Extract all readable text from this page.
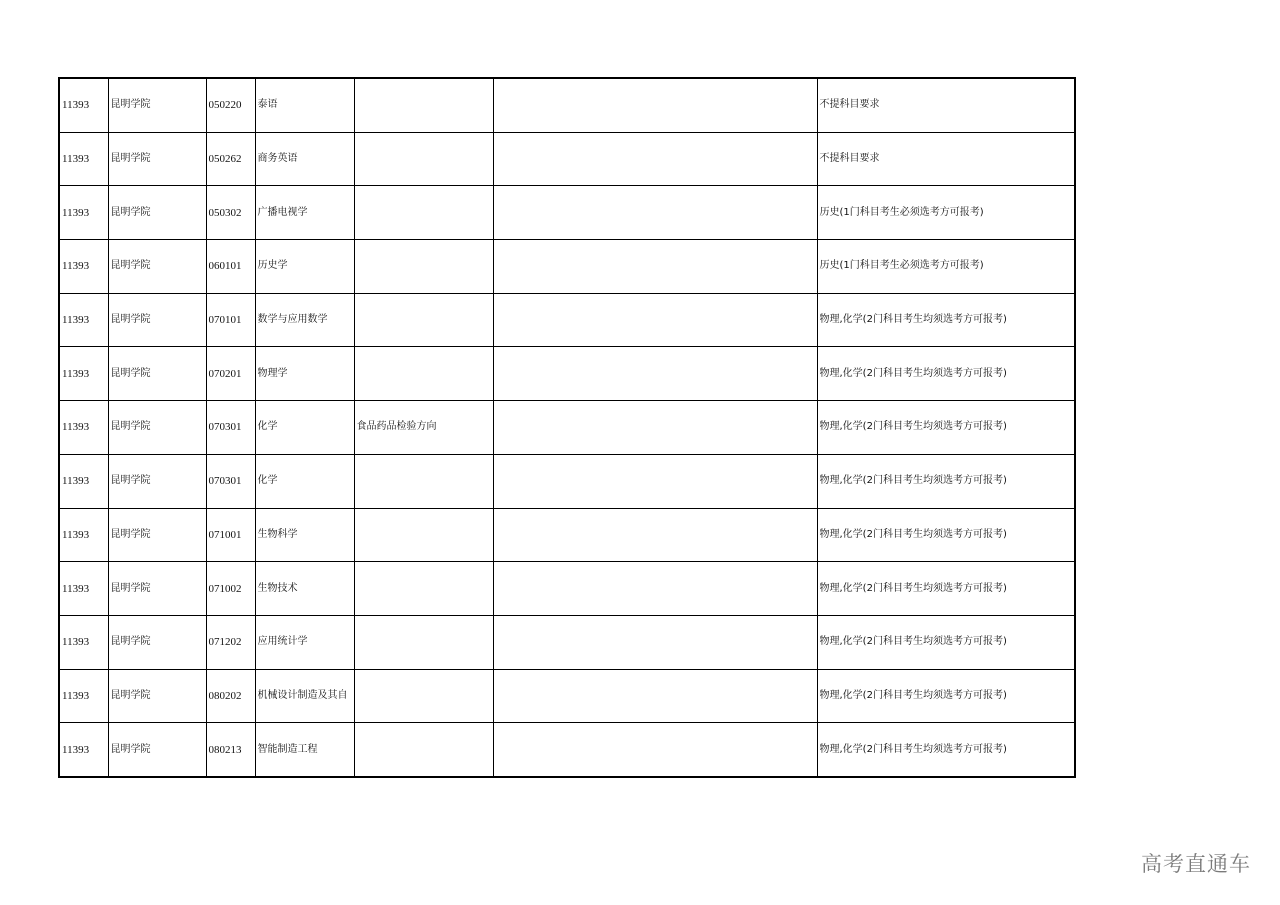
11393	昆明学院	050220	泰语			不提科目要求
11393	昆明学院	050262	商务英语			不提科目要求
11393	昆明学院	050302	广播电视学			历史(1门科目考生必须选考方可报考)
11393	昆明学院	060101	历史学			历史(1门科目考生必须选考方可报考)
11393	昆明学院	070101	数学与应用数学			物理,化学(2门科目考生均须选考方可报考)
11393	昆明学院	070201	物理学			物理,化学(2门科目考生均须选考方可报考)
11393	昆明学院	070301	化学	食品药品检验方向		物理,化学(2门科目考生均须选考方可报考)
11393	昆明学院	070301	化学			物理,化学(2门科目考生均须选考方可报考)
11393	昆明学院	071001	生物科学			物理,化学(2门科目考生均须选考方可报考)
11393	昆明学院	071002	生物技术			物理,化学(2门科目考生均须选考方可报考)
11393	昆明学院	071202	应用统计学			物理,化学(2门科目考生均须选考方可报考)
11393	昆明学院	080202	机械设计制造及其自			物理,化学(2门科目考生均须选考方可报考)
11393	昆明学院	080213	智能制造工程			物理,化学(2门科目考生均须选考方可报考)
高考直通车
